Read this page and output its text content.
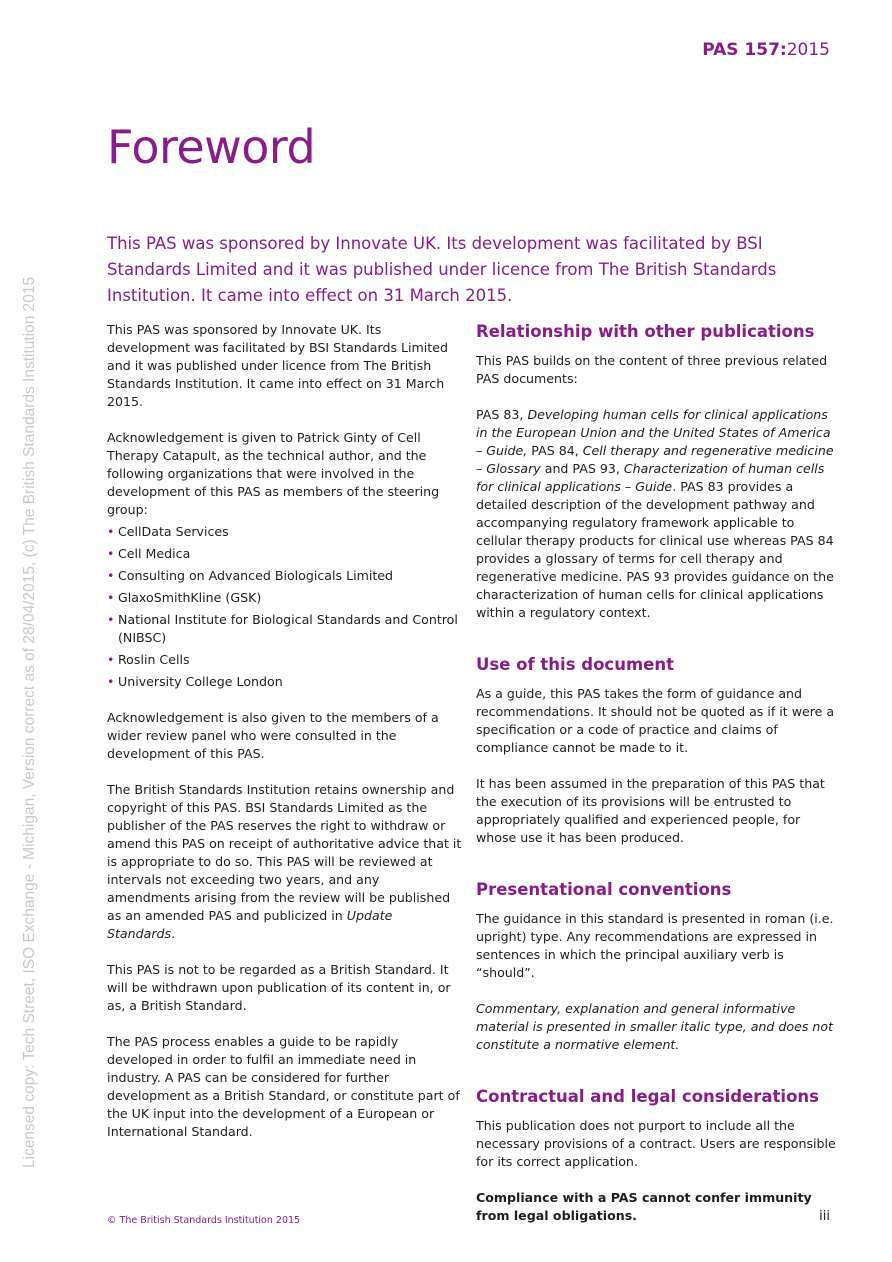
PAS 157:2015
Licensed copy: Tech Street, ISO Exchange - Michigan, Version correct as of 28/04/2015, (c) The British Standards Institution 2015
Foreword

This PAS was sponsored by Innovate UK. Its development was facilitated by BSI Standards Limited and it was published under licence from The British Standards Institution. It came into effect on 31 March 2015.

This PAS was sponsored by Innovate UK. Its development was facilitated by BSI Standards Limited and it was published under licence from The British Standards Institution. It came into effect on 31 March 2015.

Acknowledgement is given to Patrick Ginty of Cell Therapy Catapult, as the technical author, and the following organizations that were involved in the development of this PAS as members of the steering group:

• CellData Services
• Cell Medica
• Consulting on Advanced Biologicals Limited
• GlaxoSmithKline (GSK)
• National Institute for Biological Standards and Control (NIBSC)
• Roslin Cells
• University College London

Acknowledgement is also given to the members of a wider review panel who were consulted in the development of this PAS.

The British Standards Institution retains ownership and copyright of this PAS. BSI Standards Limited as the publisher of the PAS reserves the right to withdraw or amend this PAS on receipt of authoritative advice that it is appropriate to do so. This PAS will be reviewed at intervals not exceeding two years, and any amendments arising from the review will be published as an amended PAS and publicized in Update Standards.

This PAS is not to be regarded as a British Standard. It will be withdrawn upon publication of its content in, or as, a British Standard.

The PAS process enables a guide to be rapidly developed in order to fulfil an immediate need in industry. A PAS can be considered for further development as a British Standard, or constitute part of the UK input into the development of a European or International Standard.

Relationship with other publications

This PAS builds on the content of three previous related PAS documents:

PAS 83, Developing human cells for clinical applications in the European Union and the United States of America – Guide, PAS 84, Cell therapy and regenerative medicine – Glossary and PAS 93, Characterization of human cells for clinical applications – Guide. PAS 83 provides a detailed description of the development pathway and accompanying regulatory framework applicable to cellular therapy products for clinical use whereas PAS 84 provides a glossary of terms for cell therapy and regenerative medicine. PAS 93 provides guidance on the characterization of human cells for clinical applications within a regulatory context.

Use of this document

As a guide, this PAS takes the form of guidance and recommendations. It should not be quoted as if it were a specification or a code of practice and claims of compliance cannot be made to it.

It has been assumed in the preparation of this PAS that the execution of its provisions will be entrusted to appropriately qualified and experienced people, for whose use it has been produced.

Presentational conventions

The guidance in this standard is presented in roman (i.e. upright) type. Any recommendations are expressed in sentences in which the principal auxiliary verb is “should”.

Commentary, explanation and general informative material is presented in smaller italic type, and does not constitute a normative element.

Contractual and legal considerations

This publication does not purport to include all the necessary provisions of a contract. Users are responsible for its correct application.

Compliance with a PAS cannot confer immunity from legal obligations.

© The British Standards Institution 2015	iii
